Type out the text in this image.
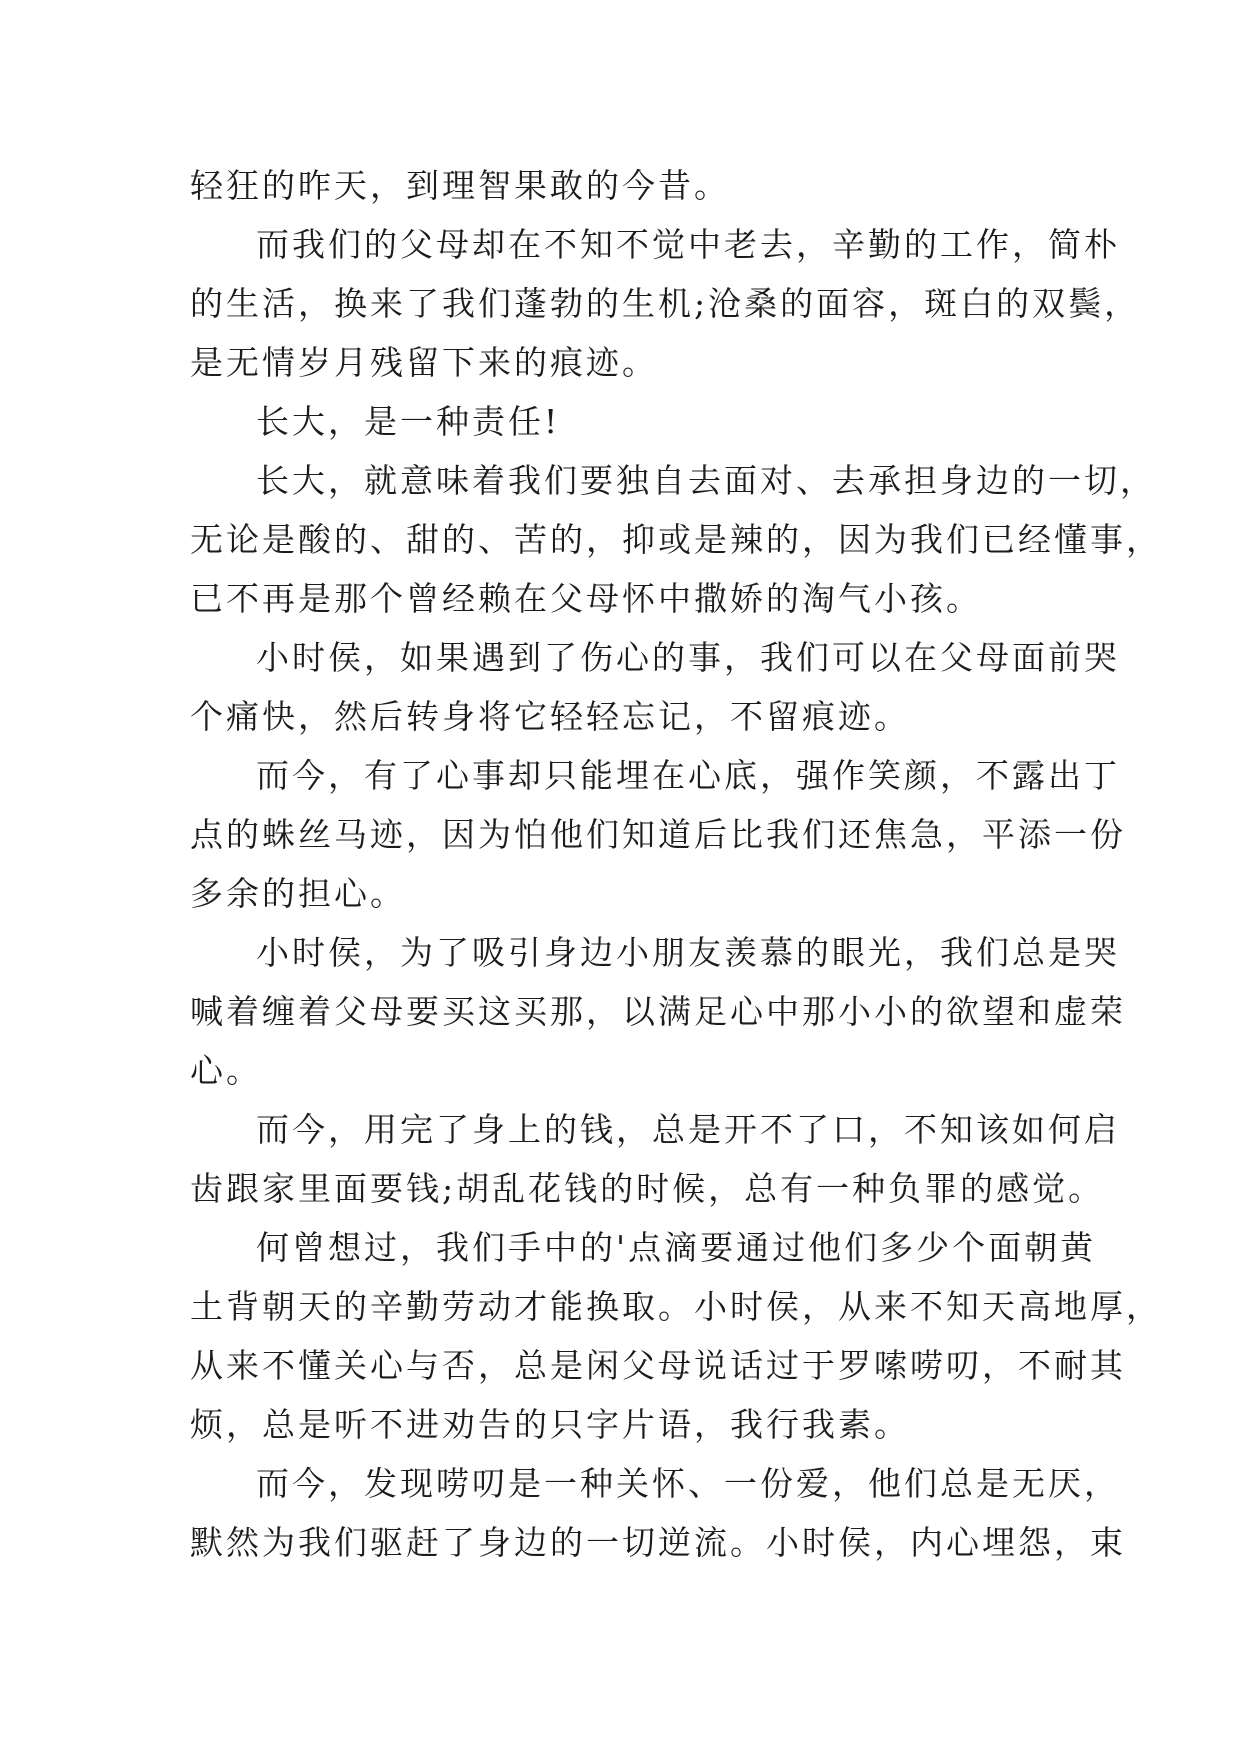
轻狂的昨天，到理智果敢的今昔。
而我们的父母却在不知不觉中老去，辛勤的工作，简朴
的生活，换来了我们蓬勃的生机;沧桑的面容，斑白的双鬓，
是无情岁月残留下来的痕迹。
长大，是一种责任!
长大，就意味着我们要独自去面对、去承担身边的一切，
无论是酸的、甜的、苦的，抑或是辣的，因为我们已经懂事，
已不再是那个曾经赖在父母怀中撒娇的淘气小孩。
小时侯，如果遇到了伤心的事，我们可以在父母面前哭
个痛快，然后转身将它轻轻忘记，不留痕迹。
而今，有了心事却只能埋在心底，强作笑颜，不露出丁
点的蛛丝马迹，因为怕他们知道后比我们还焦急，平添一份
多余的担心。
小时侯，为了吸引身边小朋友羡慕的眼光，我们总是哭
喊着缠着父母要买这买那，以满足心中那小小的欲望和虚荣
心。
而今，用完了身上的钱，总是开不了口，不知该如何启
齿跟家里面要钱;胡乱花钱的时候，总有一种负罪的感觉。
何曾想过，我们手中的'点滴要通过他们多少个面朝黄
土背朝天的辛勤劳动才能换取。小时侯，从来不知天高地厚，
从来不懂关心与否，总是闲父母说话过于罗嗦唠叨，不耐其
烦，总是听不进劝告的只字片语，我行我素。
而今，发现唠叨是一种关怀、一份爱，他们总是无厌，
默然为我们驱赶了身边的一切逆流。小时侯，内心埋怨，束
